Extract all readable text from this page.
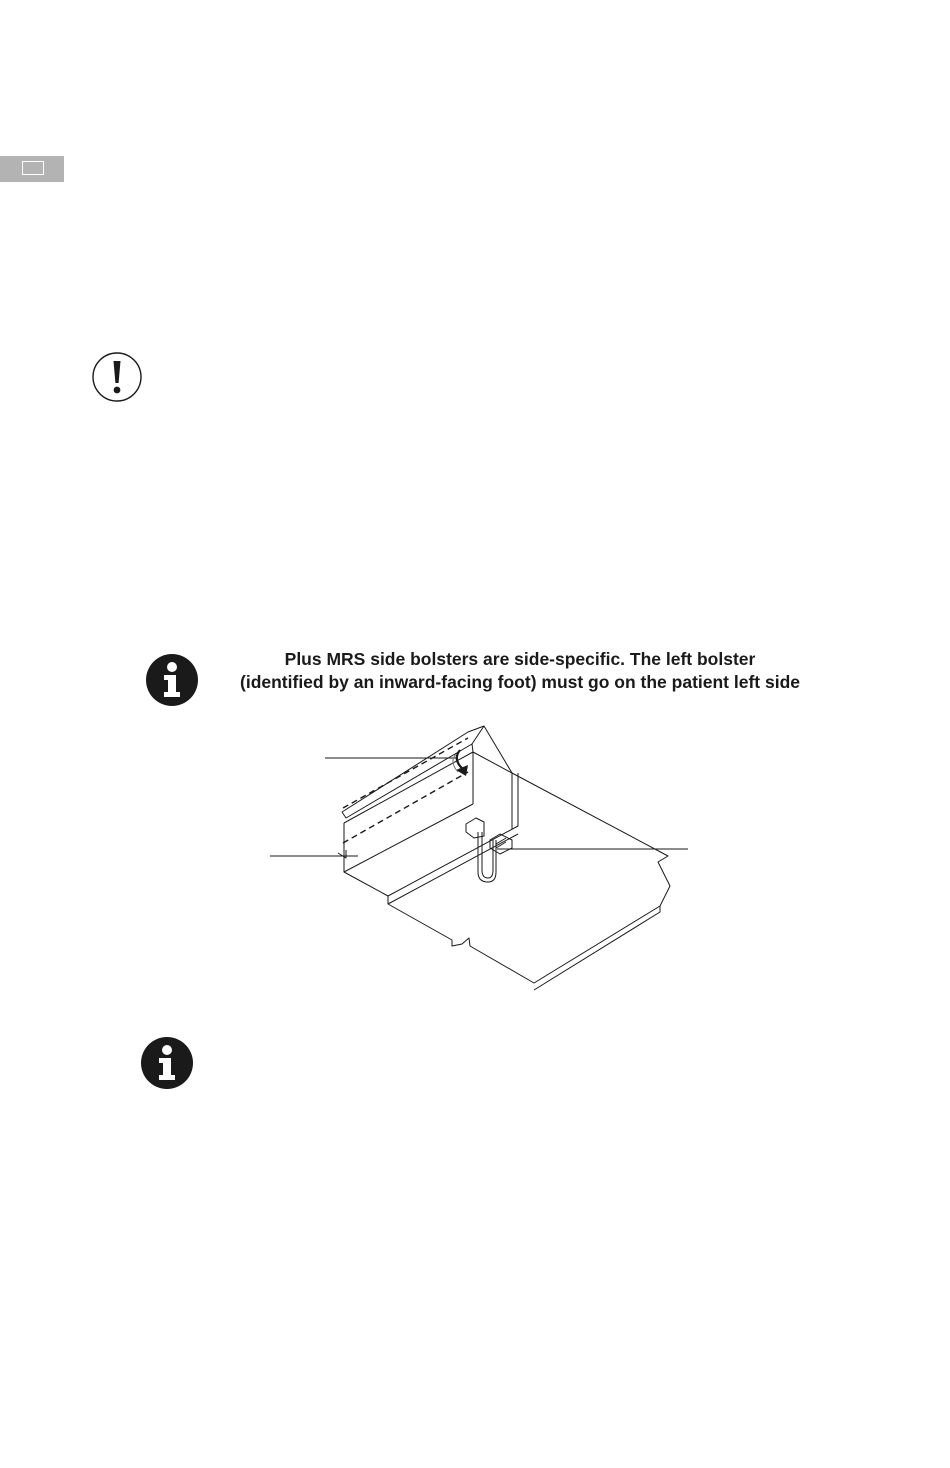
Plus MRS side bolsters are side-specific. The left bolster
(identified by an inward-facing foot) must go on the patient left side
